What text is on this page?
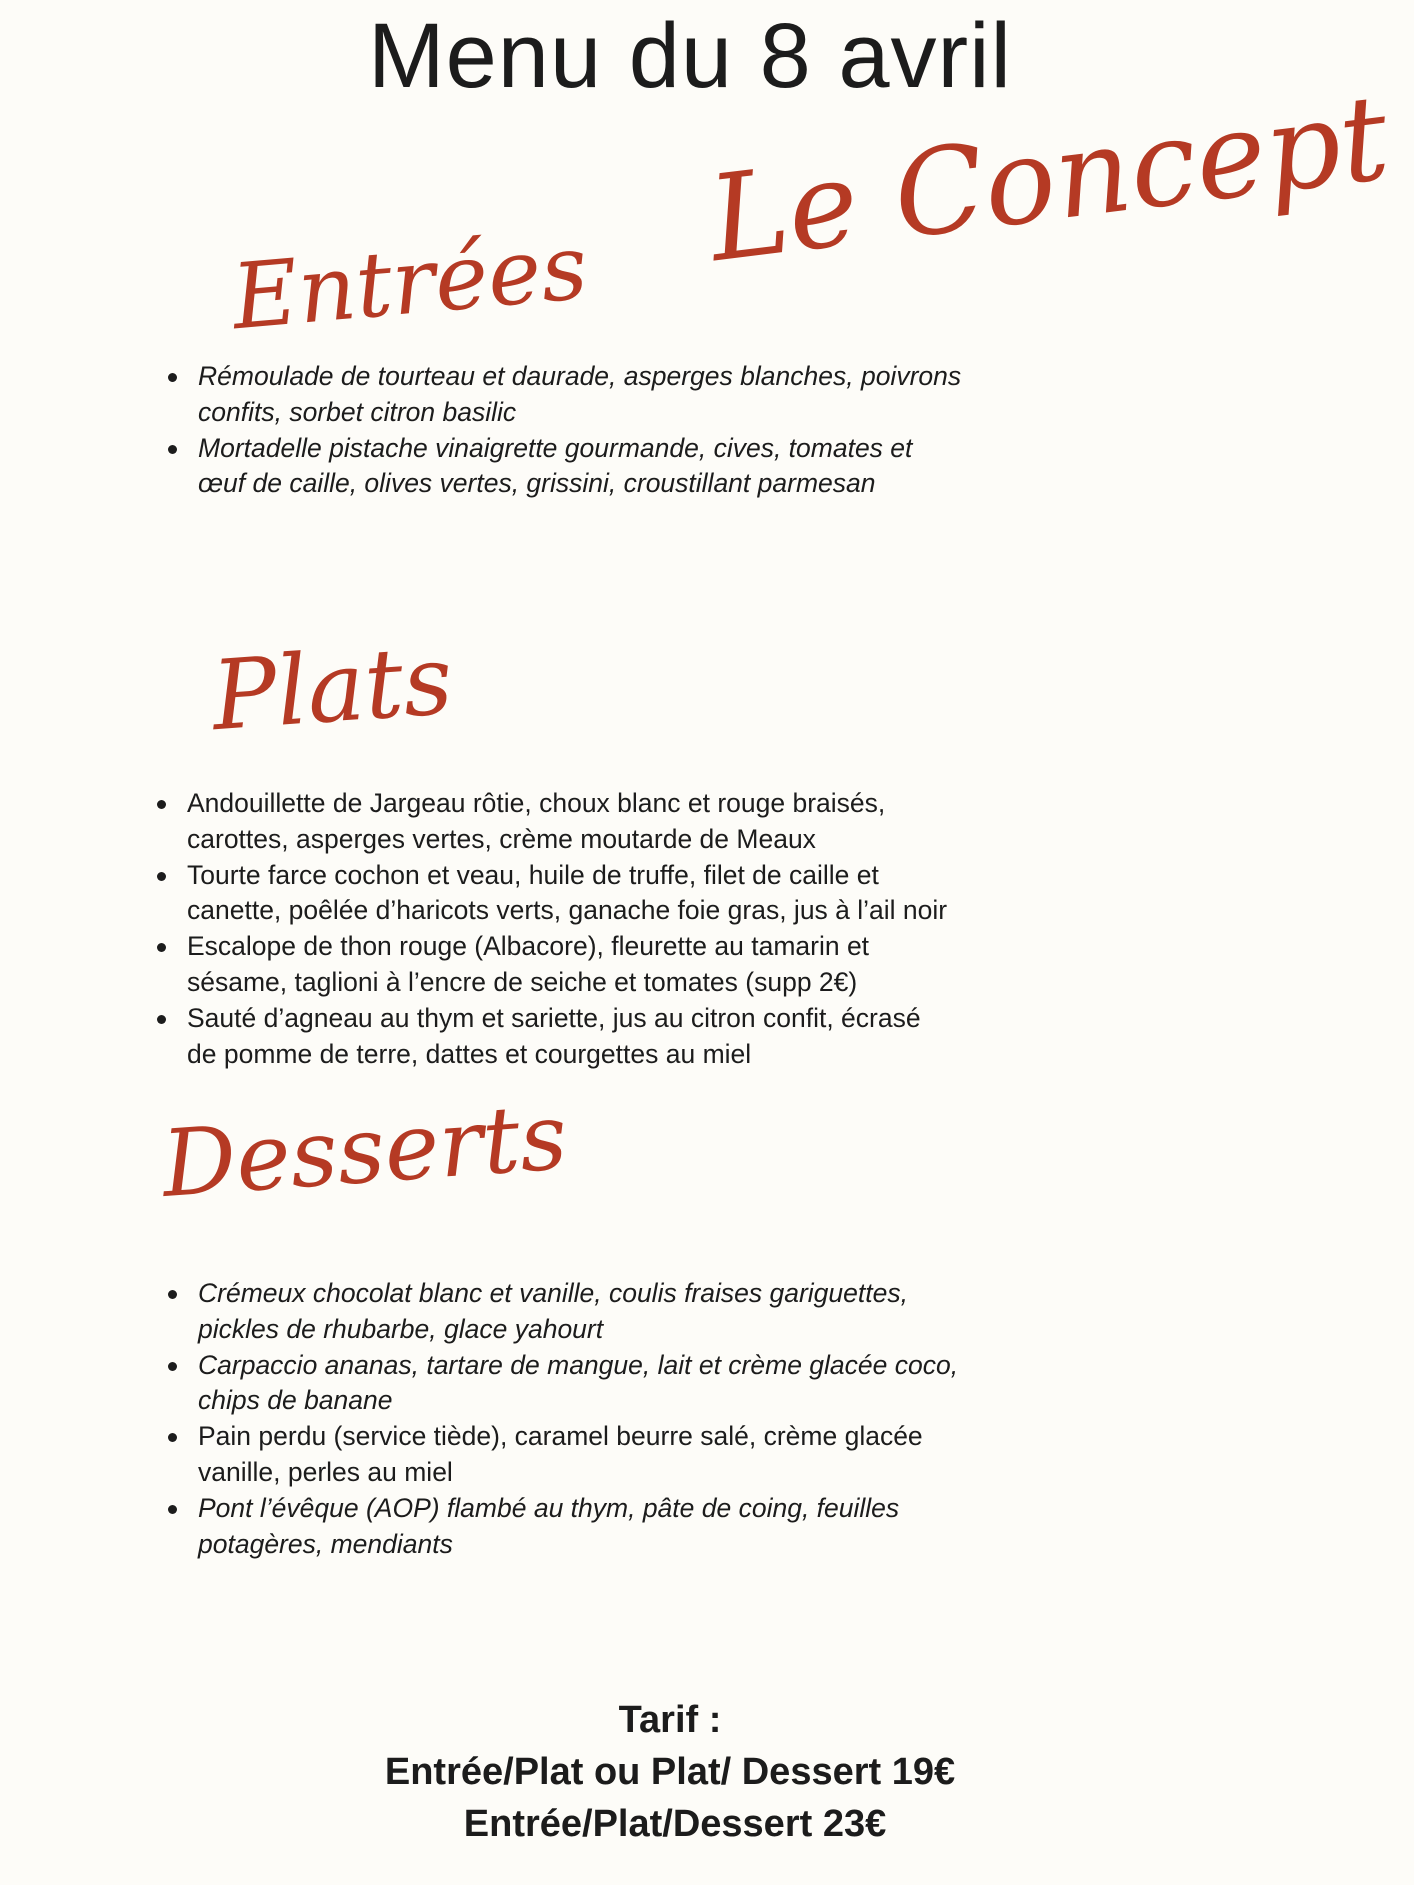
Menu du 8 avril
Le Concept
Entrées
Rémoulade de tourteau et daurade, asperges blanches, poivrons confits, sorbet citron basilic
Mortadelle pistache vinaigrette gourmande, cives, tomates et œuf de caille, olives vertes, grissini, croustillant parmesan
Plats
Andouillette de Jargeau rôtie, choux blanc et rouge braisés, carottes, asperges vertes, crème moutarde de Meaux
Tourte farce cochon et veau, huile de truffe, filet de caille et canette, poêlée d’haricots verts, ganache foie gras, jus à l’ail noir
Escalope de thon rouge (Albacore), fleurette au tamarin et sésame, taglioni à l’encre de seiche et tomates (supp 2€)
Sauté d’agneau au thym et sariette, jus au citron confit, écrasé de pomme de terre, dattes et courgettes au miel
Desserts
Crémeux chocolat blanc et vanille, coulis fraises gariguettes, pickles de rhubarbe, glace yahourt
Carpaccio ananas, tartare de mangue, lait et crème glacée coco, chips de banane
Pain perdu (service tiède), caramel beurre salé, crème glacée vanille, perles au miel
Pont l’évêque (AOP) flambé au thym, pâte de coing, feuilles potagères, mendiants
Tarif :
Entrée/Plat ou Plat/ Dessert 19€
Entrée/Plat/Dessert 23€
